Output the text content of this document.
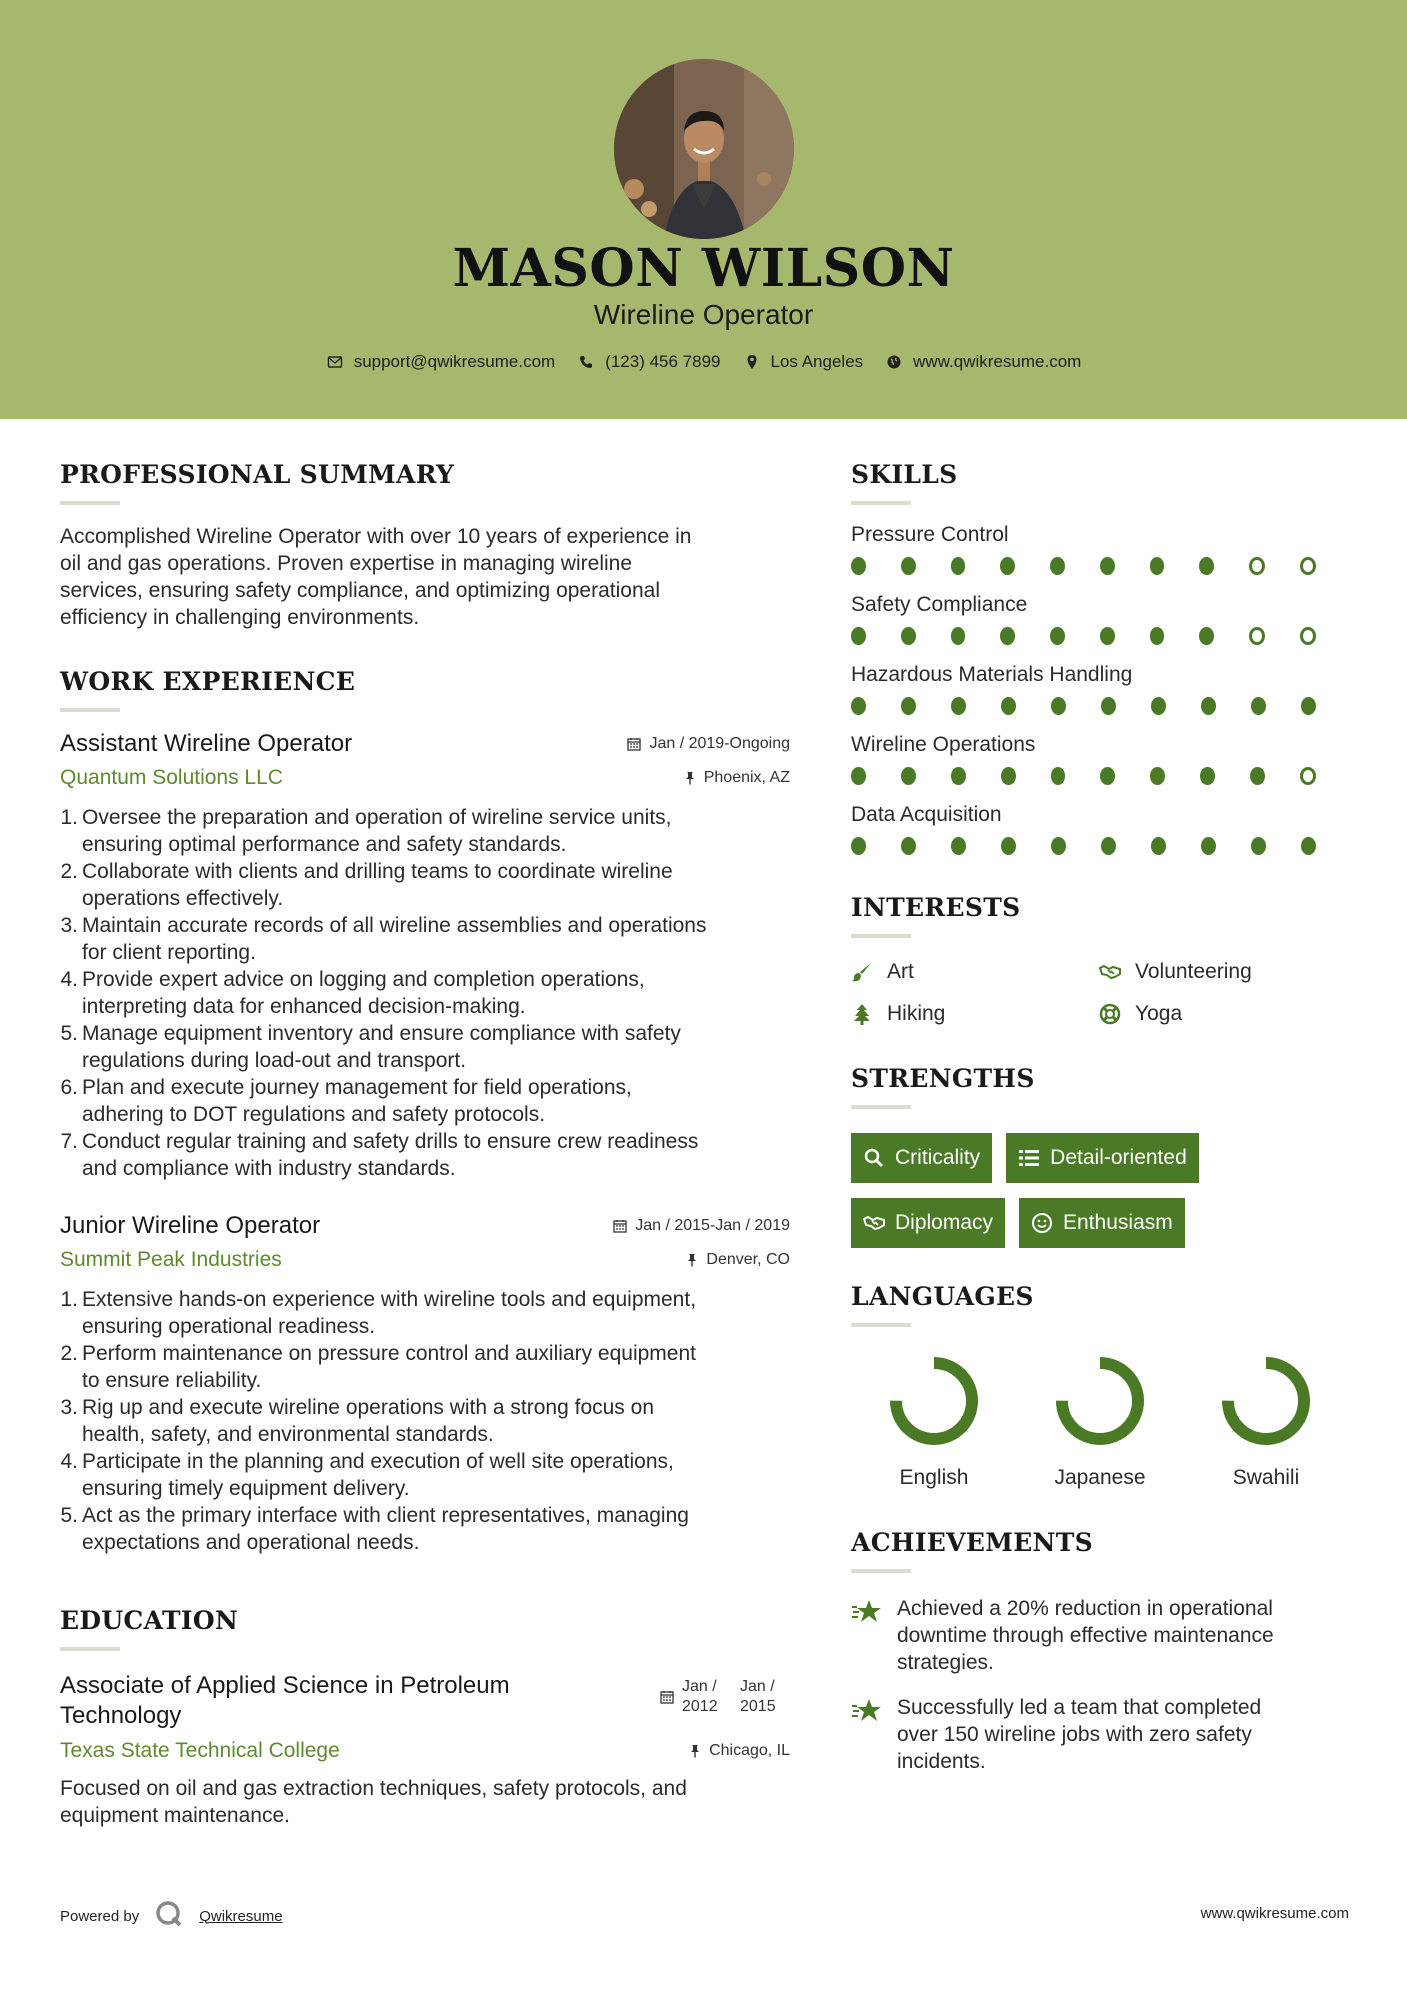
MASON WILSON
Wireline Operator
support@qwikresume.com	(123) 456 7899	Los Angeles	www.qwikresume.com
PROFESSIONAL SUMMARY
Accomplished Wireline Operator with over 10 years of experience in
oil and gas operations. Proven expertise in managing wireline
services, ensuring safety compliance, and optimizing operational
efficiency in challenging environments.
WORK EXPERIENCE
Assistant Wireline Operator	Jan / 2019-Ongoing
Quantum Solutions LLC	Phoenix, AZ
1. Oversee the preparation and operation of wireline service units,
ensuring optimal performance and safety standards.
2. Collaborate with clients and drilling teams to coordinate wireline
operations effectively.
3. Maintain accurate records of all wireline assemblies and operations
for client reporting.
4. Provide expert advice on logging and completion operations,
interpreting data for enhanced decision-making.
5. Manage equipment inventory and ensure compliance with safety
regulations during load-out and transport.
6. Plan and execute journey management for field operations,
adhering to DOT regulations and safety protocols.
7. Conduct regular training and safety drills to ensure crew readiness
and compliance with industry standards.
Junior Wireline Operator	Jan / 2015-Jan / 2019
Summit Peak Industries	Denver, CO
1. Extensive hands-on experience with wireline tools and equipment,
ensuring operational readiness.
2. Perform maintenance on pressure control and auxiliary equipment
to ensure reliability.
3. Rig up and execute wireline operations with a strong focus on
health, safety, and environmental standards.
4. Participate in the planning and execution of well site operations,
ensuring timely equipment delivery.
5. Act as the primary interface with client representatives, managing
expectations and operational needs.
EDUCATION
Associate of Applied Science in Petroleum
Technology
Jan /
2012
Jan /
2015
Texas State Technical College	Chicago, IL
Focused on oil and gas extraction techniques, safety protocols, and
equipment maintenance.
SKILLS
Pressure Control
Safety Compliance
Hazardous Materials Handling
Wireline Operations
Data Acquisition
INTERESTS
Art	Volunteering
Hiking	Yoga
STRENGTHS
Criticality	Detail-oriented
Diplomacy	Enthusiasm
LANGUAGES
English	Japanese	Swahili
ACHIEVEMENTS
Achieved a 20% reduction in operational
downtime through effective maintenance
strategies.
Successfully led a team that completed
over 150 wireline jobs with zero safety
incidents.
Powered by	Qwikresume	www.qwikresume.com
